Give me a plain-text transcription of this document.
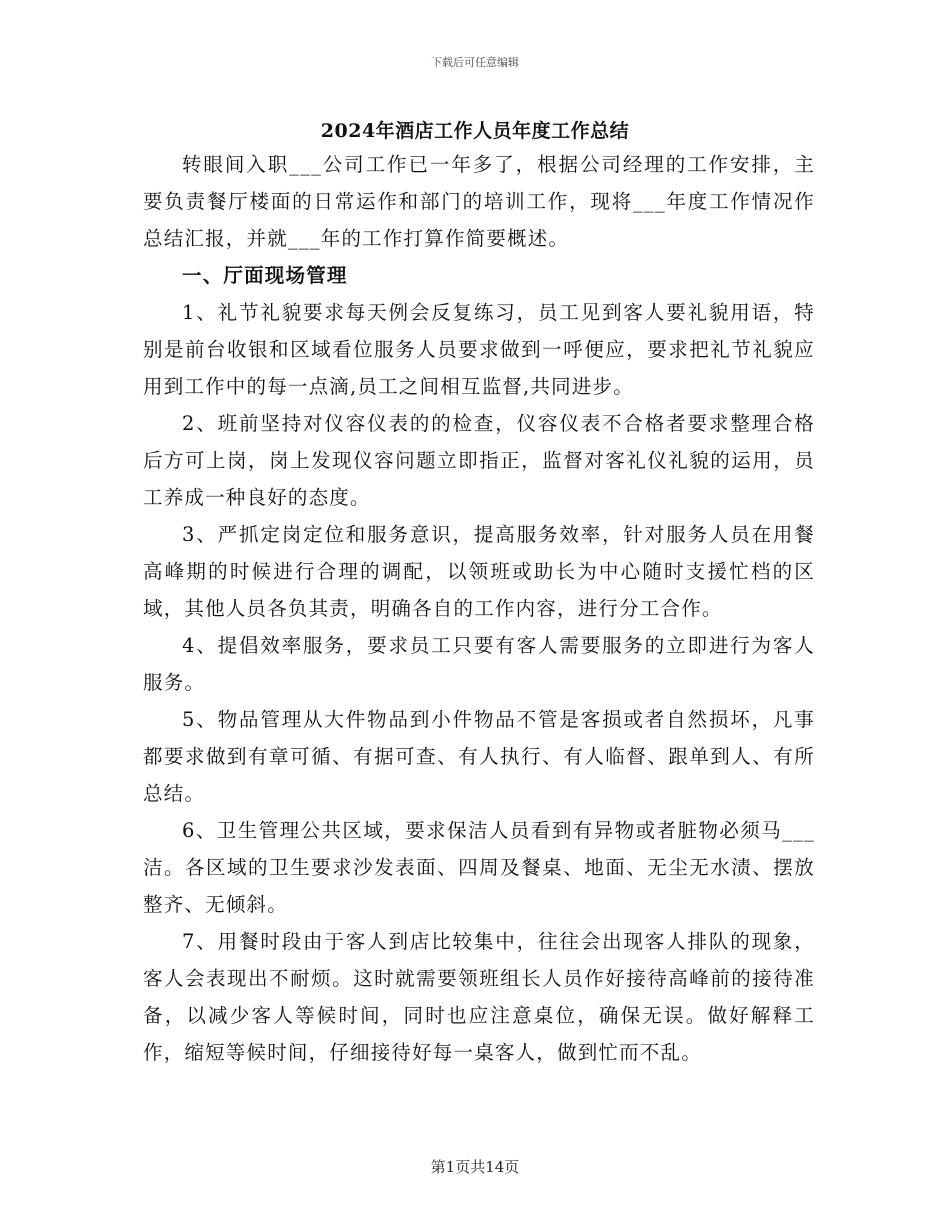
下载后可任意编辑
2024年酒店工作人员年度工作总结

转眼间入职___公司工作已一年多了，根据公司经理的工作安排，主要负责餐厅楼面的日常运作和部门的培训工作，现将___年度工作情况作总结汇报，并就___年的工作打算作简要概述。

一、厅面现场管理

1、礼节礼貌要求每天例会反复练习，员工见到客人要礼貌用语，特别是前台收银和区域看位服务人员要求做到一呼便应，要求把礼节礼貌应用到工作中的每一点滴,员工之间相互监督,共同进步。

2、班前坚持对仪容仪表的的检查，仪容仪表不合格者要求整理合格后方可上岗，岗上发现仪容问题立即指正，监督对客礼仪礼貌的运用，员工养成一种良好的态度。

3、严抓定岗定位和服务意识，提高服务效率，针对服务人员在用餐高峰期的时候进行合理的调配，以领班或助长为中心随时支援忙档的区域，其他人员各负其责，明确各自的工作内容，进行分工合作。

4、提倡效率服务，要求员工只要有客人需要服务的立即进行为客人服务。

5、物品管理从大件物品到小件物品不管是客损或者自然损坏，凡事都要求做到有章可循、有据可查、有人执行、有人临督、跟单到人、有所总结。

6、卫生管理公共区域，要求保洁人员看到有异物或者脏物必须马___洁。各区域的卫生要求沙发表面、四周及餐桌、地面、无尘无水渍、摆放整齐、无倾斜。

7、用餐时段由于客人到店比较集中，往往会出现客人排队的现象，客人会表现出不耐烦。这时就需要领班组长人员作好接待高峰前的接待准备，以减少客人等候时间，同时也应注意桌位，确保无误。做好解释工作，缩短等候时间，仔细接待好每一桌客人，做到忙而不乱。

第1页共14页
